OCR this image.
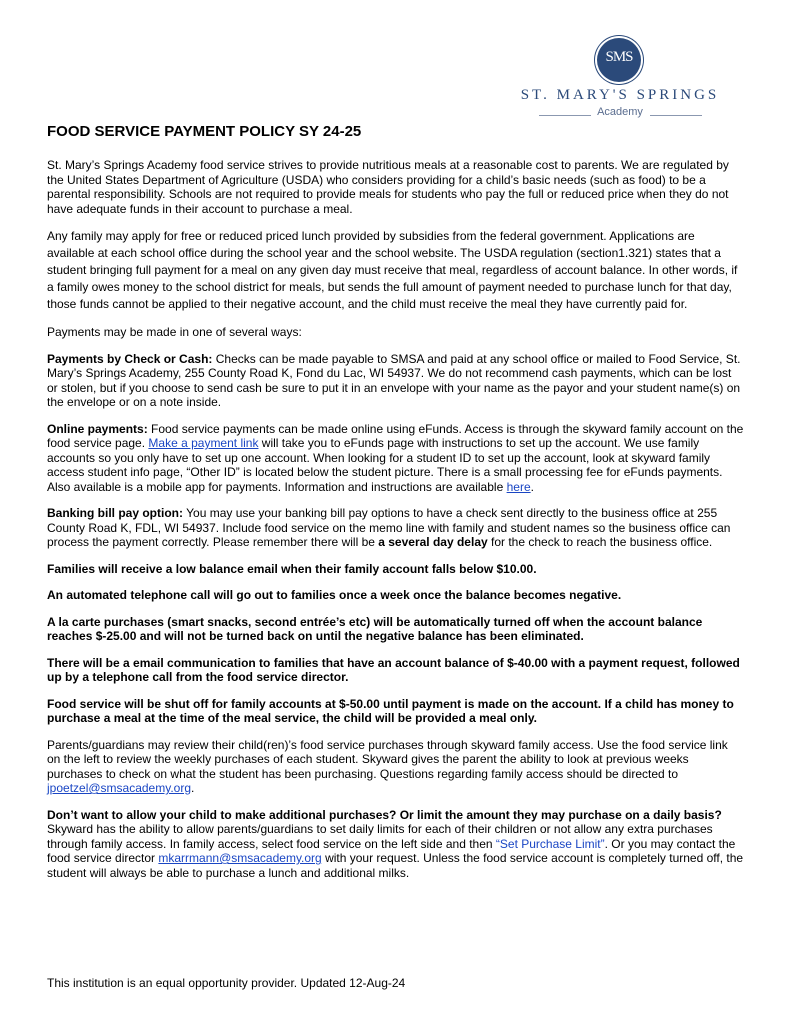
SMS
ST. MARY'S SPRINGS
Academy
FOOD SERVICE PAYMENT POLICY SY 24-25

St. Mary’s Springs Academy food service strives to provide nutritious meals at a reasonable cost to parents. We are regulated by the United States Department of Agriculture (USDA) who considers providing for a child’s basic needs (such as food) to be a parental responsibility. Schools are not required to provide meals for students who pay the full or reduced price when they do not have adequate funds in their account to purchase a meal.

Any family may apply for free or reduced priced lunch provided by subsidies from the federal government. Applications are available at each school office during the school year and the school website. The USDA regulation (section1.321) states that a student bringing full payment for a meal on any given day must receive that meal, regardless of account balance. In other words, if a family owes money to the school district for meals, but sends the full amount of payment needed to purchase lunch for that day, those funds cannot be applied to their negative account, and the child must receive the meal they have currently paid for.

Payments may be made in one of several ways:

Payments by Check or Cash: Checks can be made payable to SMSA and paid at any school office or mailed to Food Service, St. Mary’s Springs Academy, 255 County Road K, Fond du Lac, WI 54937. We do not recommend cash payments, which can be lost or stolen, but if you choose to send cash be sure to put it in an envelope with your name as the payor and your student name(s) on the envelope or on a note inside.

Online payments: Food service payments can be made online using eFunds. Access is through the skyward family account on the food service page. Make a payment link will take you to eFunds page with instructions to set up the account. We use family accounts so you only have to set up one account. When looking for a student ID to set up the account, look at skyward family access student info page, “Other ID” is located below the student picture. There is a small processing fee for eFunds payments. Also available is a mobile app for payments. Information and instructions are available here.

Banking bill pay option: You may use your banking bill pay options to have a check sent directly to the business office at 255 County Road K, FDL, WI 54937. Include food service on the memo line with family and student names so the business office can process the payment correctly. Please remember there will be a several day delay for the check to reach the business office.

Families will receive a low balance email when their family account falls below $10.00.

An automated telephone call will go out to families once a week once the balance becomes negative.

A la carte purchases (smart snacks, second entrée’s etc) will be automatically turned off when the account balance reaches $-25.00 and will not be turned back on until the negative balance has been eliminated.

There will be a email communication to families that have an account balance of $-40.00 with a payment request, followed up by a telephone call from the food service director.

Food service will be shut off for family accounts at $-50.00 until payment is made on the account. If a child has money to purchase a meal at the time of the meal service, the child will be provided a meal only.

Parents/guardians may review their child(ren)’s food service purchases through skyward family access. Use the food service link on the left to review the weekly purchases of each student. Skyward gives the parent the ability to look at previous weeks purchases to check on what the student has been purchasing. Questions regarding family access should be directed to jpoetzel@smsacademy.org.

Don’t want to allow your child to make additional purchases? Or limit the amount they may purchase on a daily basis? Skyward has the ability to allow parents/guardians to set daily limits for each of their children or not allow any extra purchases through family access. In family access, select food service on the left side and then “Set Purchase Limit”. Or you may contact the food service director mkarrmann@smsacademy.org with your request. Unless the food service account is completely turned off, the student will always be able to purchase a lunch and additional milks.

This institution is an equal opportunity provider. Updated 12-Aug-24
